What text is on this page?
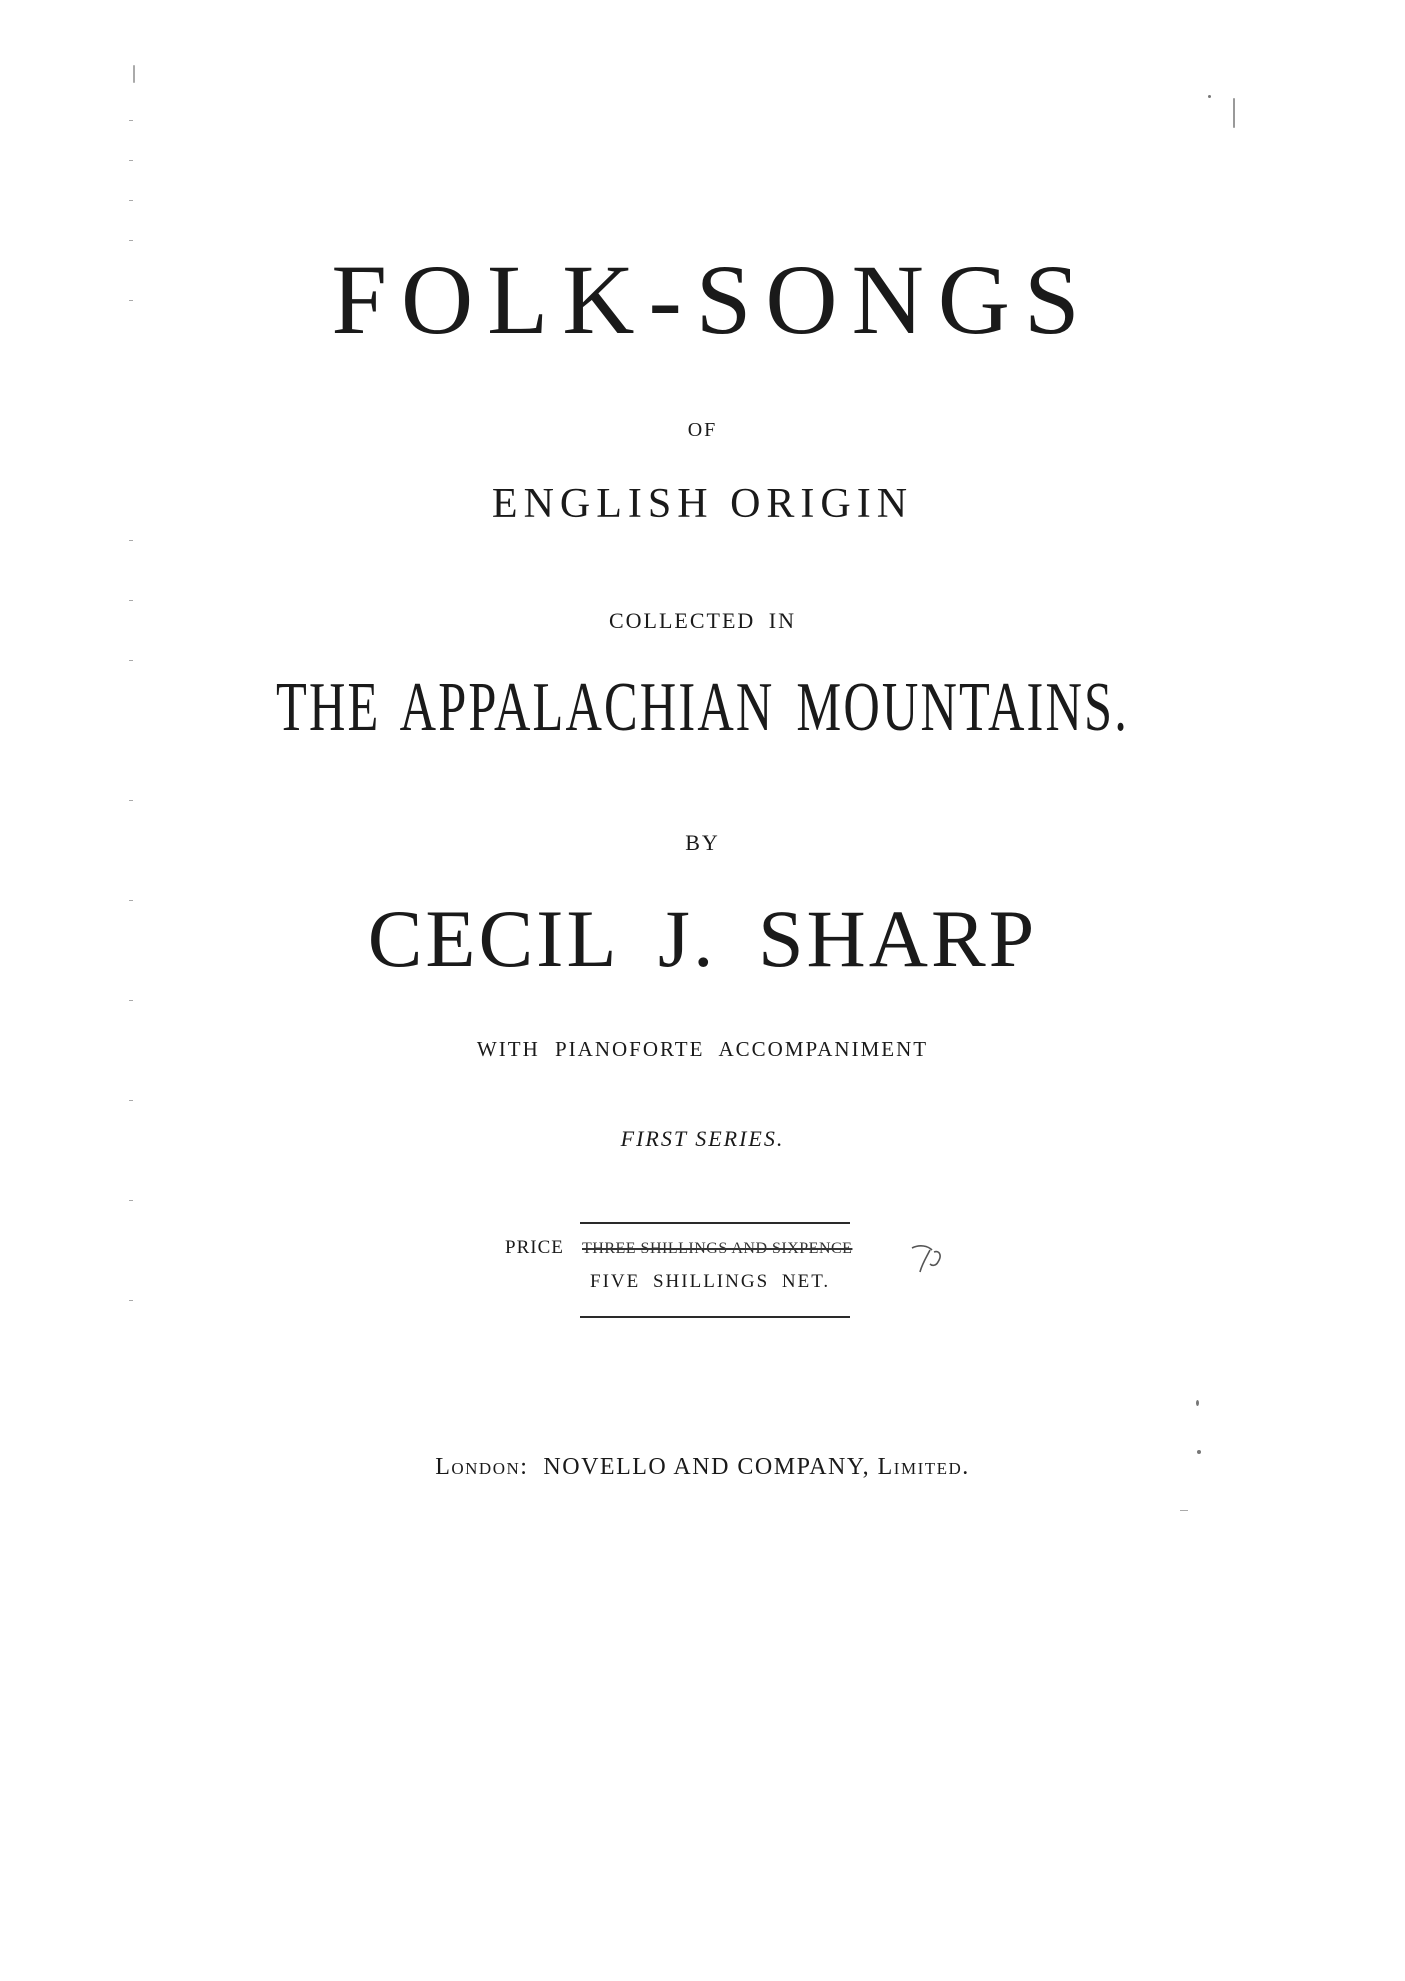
FOLK-SONGS
OF
ENGLISH ORIGIN
COLLECTED IN
THE APPALACHIAN MOUNTAINS.
BY
CECIL J. SHARP
WITH PIANOFORTE ACCOMPANIMENT
FIRST SERIES.
PRICE THREE SHILLINGS AND SIXPENCE
FIVE SHILLINGS NET.
London: NOVELLO AND COMPANY, Limited.
